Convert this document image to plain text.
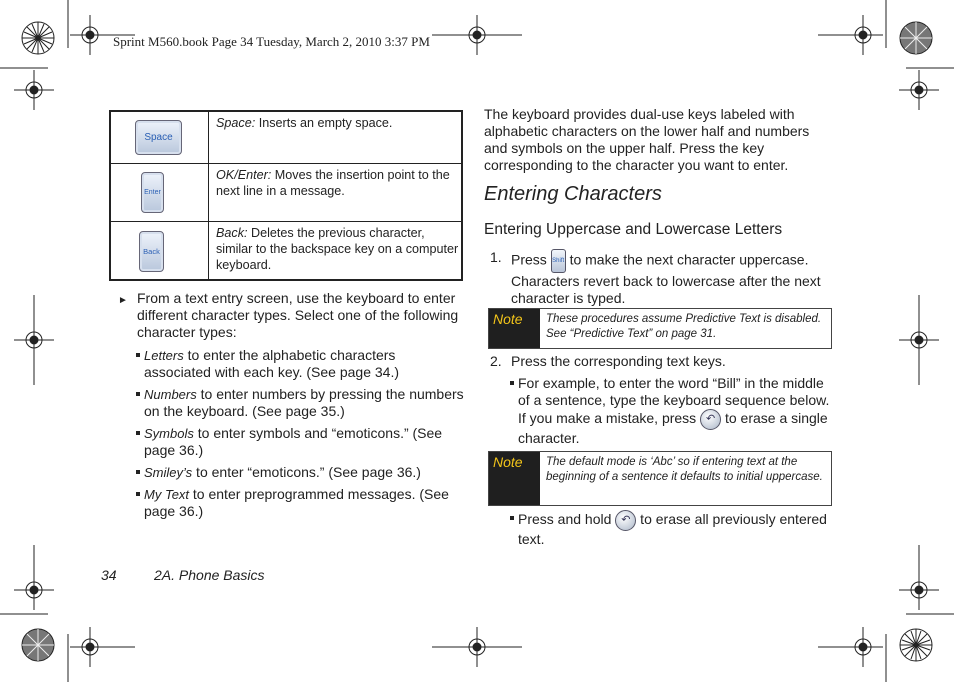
Sprint M560.book Page 34 Tuesday, March 2, 2010 3:37 PM
Space
Space: Inserts an empty space.
Enter
OK/Enter: Moves the insertion point to the next line in a message.
Back
Back: Deletes the previous character, similar to the backspace key on a computer keyboard.
► From a text entry screen, use the keyboard to enter different character types. Select one of the following character types:
Letters to enter the alphabetic characters associated with each key. (See page 34.)
Numbers to enter numbers by pressing the numbers on the keyboard. (See page 35.)
Symbols to enter symbols and “emoticons.” (See page 36.)
Smiley’s to enter “emoticons.” (See page 36.)
My Text to enter preprogrammed messages. (See page 36.)
The keyboard provides dual-use keys labeled with alphabetic characters on the lower half and numbers and symbols on the upper half. Press the key corresponding to the character you want to enter.
Entering Characters
Entering Uppercase and Lowercase Letters
1. Press Shift to make the next character uppercase. Characters revert back to lowercase after the next character is typed.
Note	These procedures assume Predictive Text is disabled. See “Predictive Text” on page 31.
2. Press the corresponding text keys.
For example, to enter the word “Bill” in the middle of a sentence, type the keyboard sequence below. If you make a mistake, press ↶ to erase a single character.
Note	The default mode is ‘Abc’ so if entering text at the beginning of a sentence it defaults to initial uppercase.
Press and hold ↶ to erase all previously entered text.
34	2A. Phone Basics
